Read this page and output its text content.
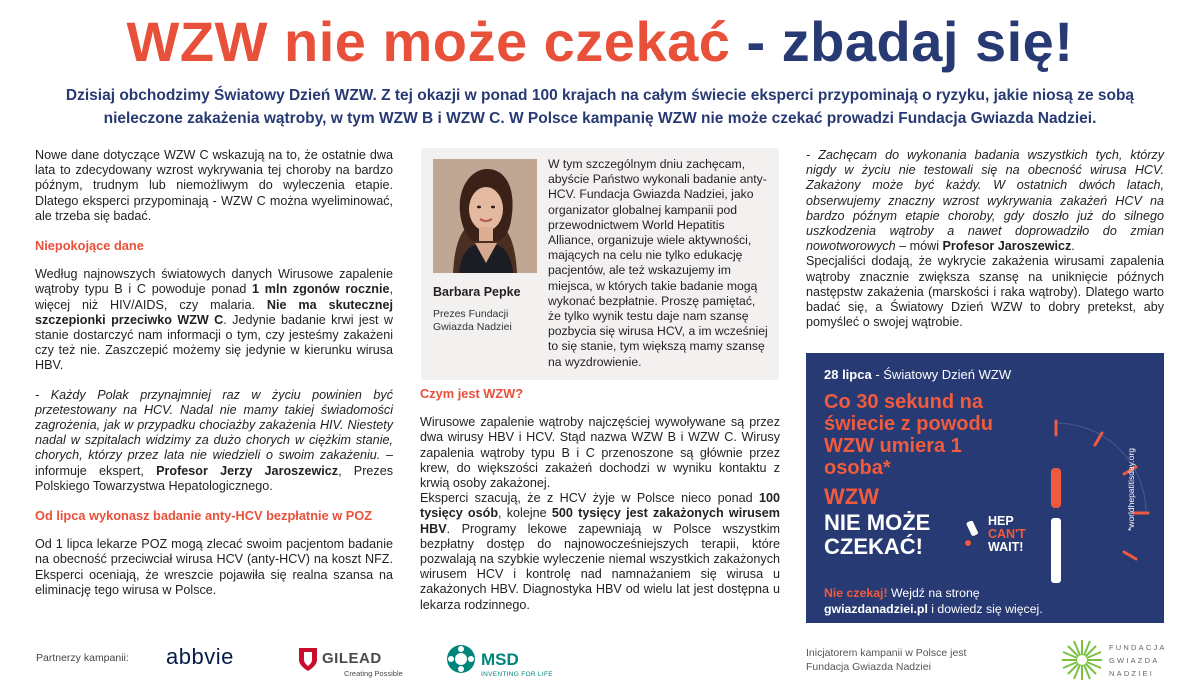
WZW nie może czekać - zbadaj się!
Dzisiaj obchodzimy Światowy Dzień WZW. Z tej okazji w ponad 100 krajach na całym świecie eksperci przypominają o ryzyku, jakie niosą ze sobą
nieleczone zakażenia wątroby, w tym WZW B i WZW C. W Polsce kampanię WZW nie może czekać prowadzi Fundacja Gwiazda Nadziei.

Nowe dane dotyczące WZW C wskazują na to, że ostatnie dwa lata to zdecydowany wzrost wykrywania tej choroby na bardzo późnym, trudnym lub niemożliwym do wyleczenia etapie. Dlatego eksperci przypominają - WZW C można wyeliminować, ale trzeba się badać.

Niepokojące dane

Według najnowszych światowych danych Wirusowe zapalenie wątroby typu B i C powoduje ponad 1 mln zgonów rocznie, więcej niż HIV/AIDS, czy malaria. Nie ma skutecznej szczepionki przeciwko WZW C. Jedynie badanie krwi jest w stanie dostarczyć nam informacji o tym, czy jesteśmy zakażeni czy też nie. Zaszczepić możemy się jedynie w kierunku wirusa HBV.

- Każdy Polak przynajmniej raz w życiu powinien być przetestowany na HCV. Nadal nie mamy takiej świadomości zagrożenia, jak w przypadku chociażby zakażenia HIV. Niestety nadal w szpitalach widzimy za dużo chorych w ciężkim stanie, chorych, którzy przez lata nie wiedzieli o swoim zakażeniu. – informuje ekspert, Profesor Jerzy Jaroszewicz, Prezes Polskiego Towarzystwa Hepatologicznego.

Od lipca wykonasz badanie anty-HCV bezpłatnie w POZ

Od 1 lipca lekarze POZ mogą zlecać swoim pacjentom badanie na obecność przeciwciał wirusa HCV (anty-HCV) na koszt NFZ. Eksperci oceniają, że wreszcie pojawiła się realna szansa na eliminację tego wirusa w Polsce.

Barbara Pepke
Prezes Fundacji Gwiazda Nadziei
W tym szczególnym dniu zachęcam, abyście Państwo wykonali badanie anty-HCV. Fundacja Gwiazda Nadziei, jako organizator globalnej kampanii pod przewodnictwem World Hepatitis Alliance, organizuje wiele aktywności, mających na celu nie tylko edukację pacjentów, ale też wskazujemy im miejsca, w których takie badanie mogą wykonać bezpłatnie. Proszę pamiętać, że tylko wynik testu daje nam szansę pozbycia się wirusa HCV, a im wcześniej to się stanie, tym większą mamy szansę na wyzdrowienie.
Czym jest WZW?

Wirusowe zapalenie wątroby najczęściej wywoływane są przez dwa wirusy HBV i HCV. Stąd nazwa WZW B i WZW C. Wirusy zapalenia wątroby typu B i C przenoszone są głównie przez krew, do większości zakażeń dochodzi w wyniku kontaktu z krwią osoby zakażonej.

Eksperci szacują, że z HCV żyje w Polsce nieco ponad 100 tysięcy osób, kolejne 500 tysięcy jest zakażonych wirusem HBV. Programy lekowe zapewniają w Polsce wszystkim bezpłatny dostęp do najnowocześniejszych terapii, które pozwalają na szybkie wyleczenie niemal wszystkich zakażonych wirusem HCV i kontrolę nad namnażaniem się wirusa u zakażonych HBV. Diagnostyka HBV od wielu lat jest dostępna u lekarza rodzinnego.

- Zachęcam do wykonania badania wszystkich tych, którzy nigdy w życiu nie testowali się na obecność wirusa HCV. Zakażony może być każdy. W ostatnich dwóch latach, obserwujemy znaczny wzrost wykrywania zakażeń HCV na bardzo późnym etapie choroby, gdy doszło już do silnego uszkodzenia wątroby a nawet doprowadziło do zmian nowotworowych – mówi Profesor Jaroszewicz.

Specjaliści dodają, że wykrycie zakażenia wirusami zapalenia wątroby znacznie zwiększa szansę na uniknięcie późnych następstw zakażenia (marskości i raka wątroby). Dlatego warto badać się, a Światowy Dzień WZW to dobry pretekst, aby pomyśleć o swojej wątrobie.

28 lipca - Światowy Dzień WZW
Co 30 sekund na świecie z powodu WZW umiera 1 osoba*
WZW
NIE MOŻE CZEKAĆ!
HEP
CAN'T
WAIT!
*worldhepatitisday.org
Nie czekaj! Wejdź na stronę
gwiazdanadziei.pl i dowiedz się więcej.
Partnerzy kampanii: abbvie	GILEAD
Creating Possible
MSD
INVENTING FOR LIFE
Inicjatorem kampanii w Polsce jest Fundacja Gwiazda Nadziei
FUNDACJA
GWIAZDA
NADZIEI
